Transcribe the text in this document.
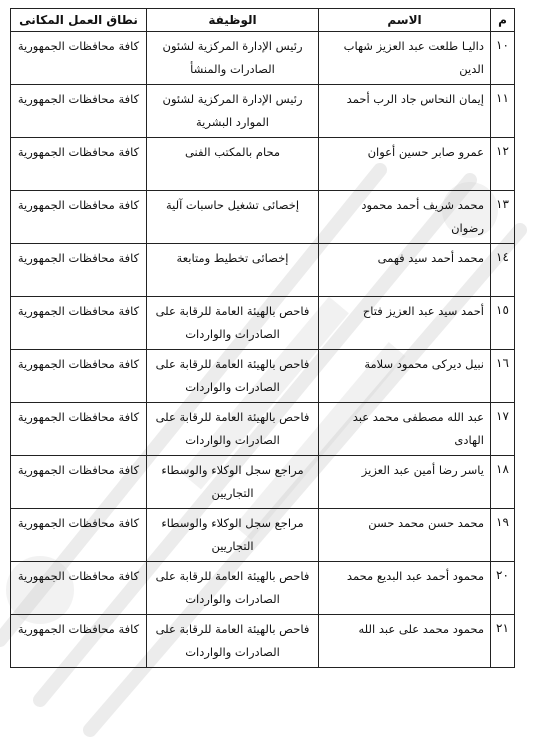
م	الاسم	الوظيفة	نطاق العمل المكانى
١٠	داليـا طلعت عبد العزيز شهاب الدين	رئيس الإدارة المركزية لشئون الصادرات والمنشأ	كافة محافظات الجمهورية
١١	إيمان النحاس جاد الرب أحمد	رئيس الإدارة المركزية لشئون الموارد البشرية	كافة محافظات الجمهورية
١٢	عمرو صابر حسين أعوان	محام بالمكتب الفنى	كافة محافظات الجمهورية
١٣	محمد شريف أحمد محمود رضوان	إخصائى تشغيل حاسبات آلية	كافة محافظات الجمهورية
١٤	محمد أحمد سيد فهمى	إخصائى تخطيط ومتابعة	كافة محافظات الجمهورية
١٥	أحمد سيد عبد العزيز فتاح	فاحص بالهيئة العامة للرقابة على الصادرات والواردات	كافة محافظات الجمهورية
١٦	نبيل ديركى محمود سلامة	فاحص بالهيئة العامة للرقابة على الصادرات والواردات	كافة محافظات الجمهورية
١٧	عبد الله مصطفى محمد عبد الهادى	فاحص بالهيئة العامة للرقابة على الصادرات والواردات	كافة محافظات الجمهورية
١٨	ياسر رضا أمين عبد العزيز	مراجع سجل الوكلاء والوسطاء التجاريين	كافة محافظات الجمهورية
١٩	محمد حسن محمد حسن	مراجع سجل الوكلاء والوسطاء التجاريين	كافة محافظات الجمهورية
٢٠	محمود أحمد عبد البديع محمد	فاحص بالهيئة العامة للرقابة على الصادرات والواردات	كافة محافظات الجمهورية
٢١	محمود محمد على عبد الله	فاحص بالهيئة العامة للرقابة على الصادرات والواردات	كافة محافظات الجمهورية
